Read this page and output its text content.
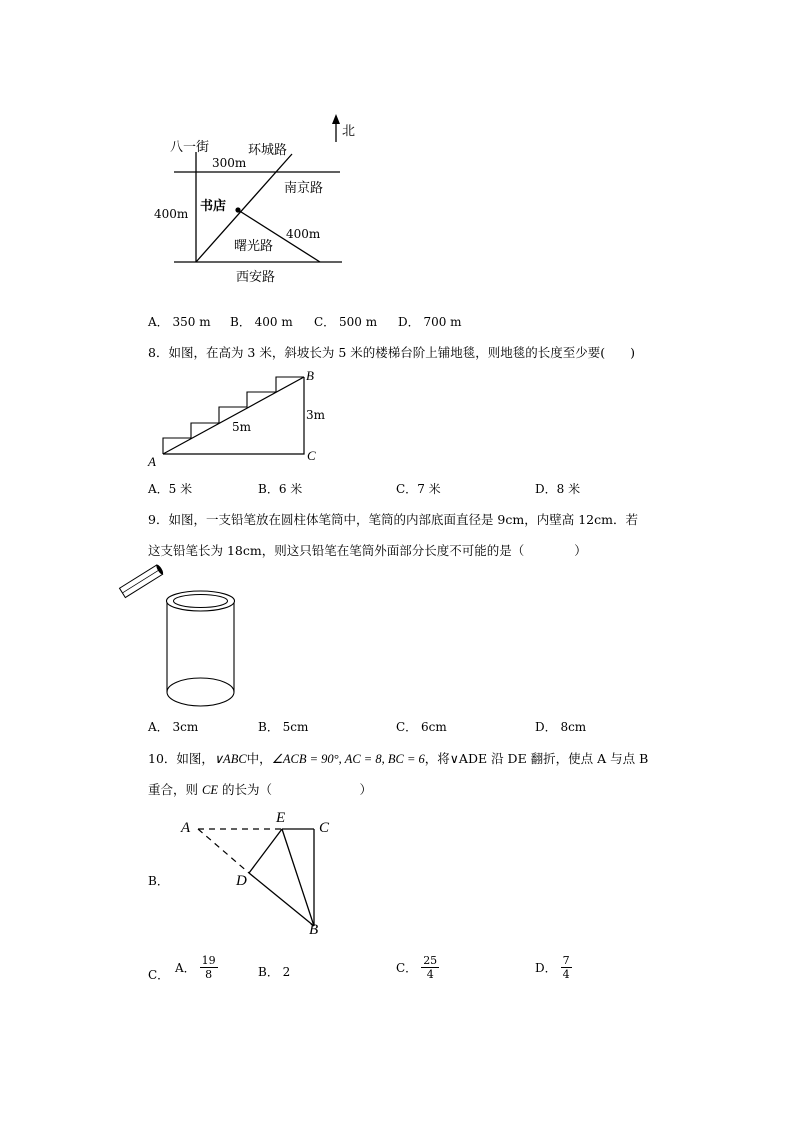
北
八一街	环城路
300m
南京路
400m 书店
400m
曙光路
西安路
A． 350 m B． 400 m C． 500 m D． 700 m
8．如图，在高为 3 米，斜坡长为 5 米的楼梯台阶上铺地毯，则地毯的长度至少要(　　)
A
B
C
3m
5m
A．5 米	B．6 米	C．7 米	D．8 米
9．如图，一支铅笔放在圆柱体笔筒中，笔筒的内部底面直径是 9cm，内壁高 12cm．若
这支铅笔长为 18cm，则这只铅笔在笔筒外面部分长度不可能的是（　　　　）
A． 3cm	B． 5cm	C． 6cm	D． 8cm
10．如图，∨ABC中，∠ACB = 90°, AC = 8, BC = 6，将∨ADE 沿 DE 翻折，使点 A 与点 B
重合，则 CE 的长为（　　　　　　　）
A
E
C
D
B
B．
C． A． $\frac{19}{8}$	B． 2	C． $\frac{25}{4}$	D． $\frac{7}{4}$
